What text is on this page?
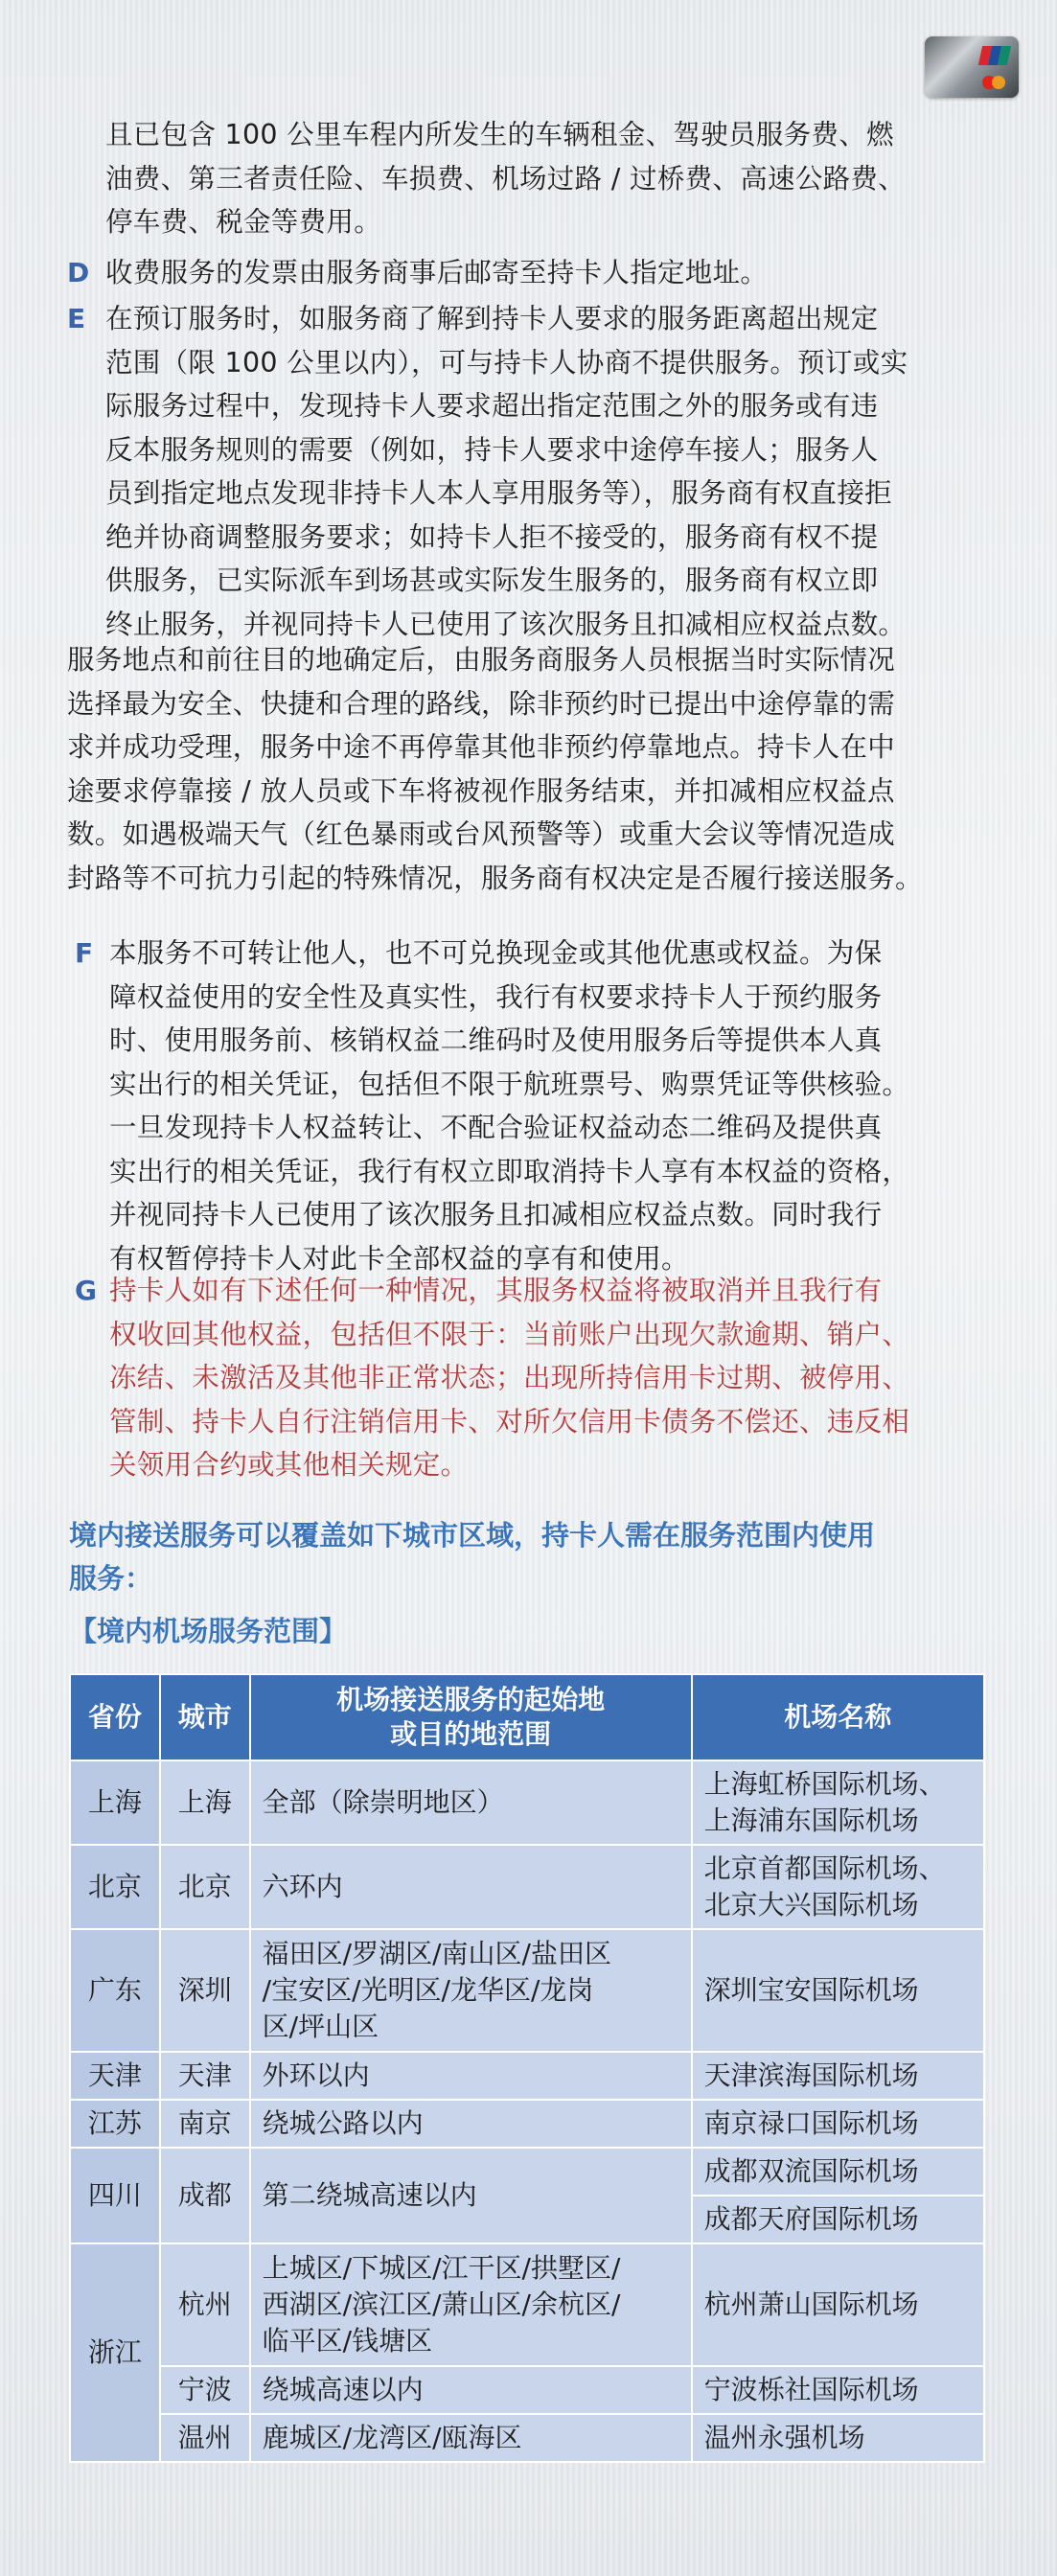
且已包含 100 公里车程内所发生的车辆租金、驾驶员服务费、燃
油费、第三者责任险、车损费、机场过路 / 过桥费、高速公路费、
停车费、税金等费用。
D 收费服务的发票由服务商事后邮寄至持卡人指定地址。
E 在预订服务时，如服务商了解到持卡人要求的服务距离超出规定
范围（限 100 公里以内），可与持卡人协商不提供服务。预订或实
际服务过程中，发现持卡人要求超出指定范围之外的服务或有违
反本服务规则的需要（例如，持卡人要求中途停车接人；服务人
员到指定地点发现非持卡人本人享用服务等），服务商有权直接拒
绝并协商调整服务要求；如持卡人拒不接受的，服务商有权不提
供服务，已实际派车到场甚或实际发生服务的，服务商有权立即
终止服务，并视同持卡人已使用了该次服务且扣减相应权益点数。
服务地点和前往目的地确定后，由服务商服务人员根据当时实际情况
选择最为安全、快捷和合理的路线，除非预约时已提出中途停靠的需
求并成功受理，服务中途不再停靠其他非预约停靠地点。持卡人在中
途要求停靠接 / 放人员或下车将被视作服务结束，并扣减相应权益点
数。如遇极端天气（红色暴雨或台风预警等）或重大会议等情况造成
封路等不可抗力引起的特殊情况，服务商有权决定是否履行接送服务。
F 本服务不可转让他人，也不可兑换现金或其他优惠或权益。为保
障权益使用的安全性及真实性，我行有权要求持卡人于预约服务
时、使用服务前、核销权益二维码时及使用服务后等提供本人真
实出行的相关凭证，包括但不限于航班票号、购票凭证等供核验。
一旦发现持卡人权益转让、不配合验证权益动态二维码及提供真
实出行的相关凭证，我行有权立即取消持卡人享有本权益的资格，
并视同持卡人已使用了该次服务且扣减相应权益点数。同时我行
有权暂停持卡人对此卡全部权益的享有和使用。
G 持卡人如有下述任何一种情况，其服务权益将被取消并且我行有
权收回其他权益，包括但不限于：当前账户出现欠款逾期、销户、
冻结、未激活及其他非正常状态；出现所持信用卡过期、被停用、
管制、持卡人自行注销信用卡、对所欠信用卡债务不偿还、违反相
关领用合约或其他相关规定。
境内接送服务可以覆盖如下城市区域，持卡人需在服务范围内使用
服务：
【境内机场服务范围】
省份	城市	机场接送服务的起始地
或目的地范围	机场名称
上海	上海	全部（除崇明地区）	上海虹桥国际机场、
上海浦东国际机场
北京	北京	六环内	北京首都国际机场、
北京大兴国际机场
广东	深圳	福田区/罗湖区/南山区/盐田区
/宝安区/光明区/龙华区/龙岗
区/坪山区	深圳宝安国际机场
天津	天津	外环以内	天津滨海国际机场
江苏	南京	绕城公路以内	南京禄口国际机场
四川	成都	第二绕城高速以内	成都双流国际机场
			成都天府国际机场
浙江	杭州	上城区/下城区/江干区/拱墅区/
西湖区/滨江区/萧山区/余杭区/
临平区/钱塘区	杭州萧山国际机场
	宁波	绕城高速以内	宁波栎社国际机场
	温州	鹿城区/龙湾区/瓯海区	温州永强机场
